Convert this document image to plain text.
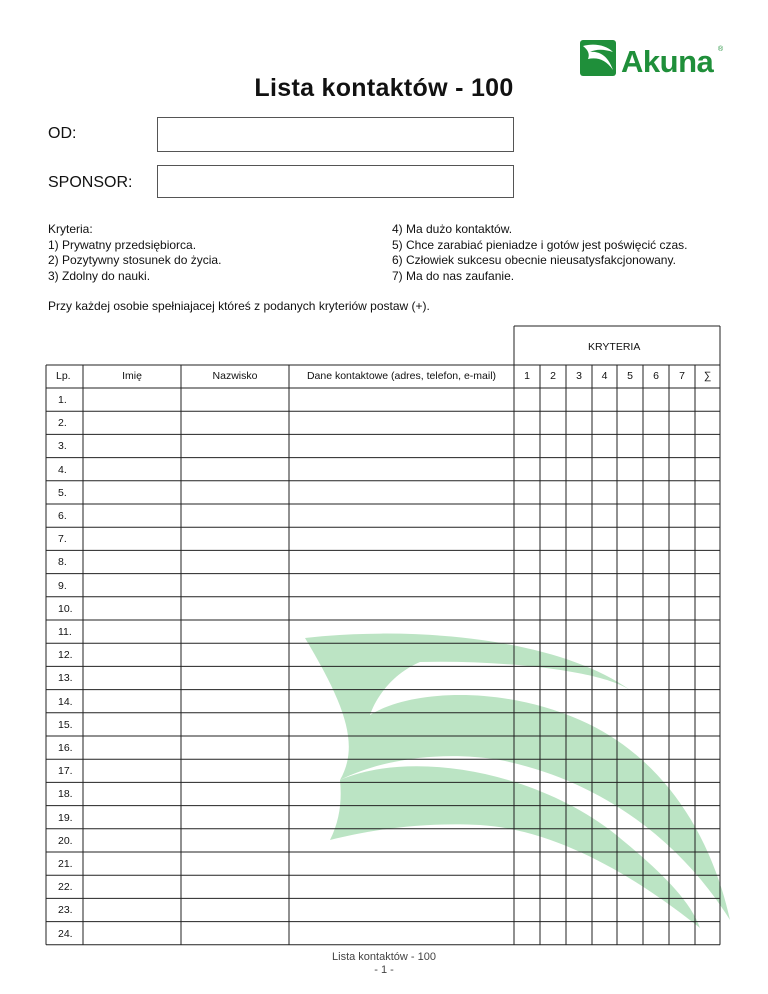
Akuna ®
Lista kontaktów - 100
OD:
SPONSOR:
Kryteria:
1) Prywatny przedsiębiorca.
2) Pozytywny stosunek do życia.
3) Zdolny do nauki.
4) Ma dużo kontaktów.
5) Chce zarabiać pieniadze i gotów jest poświęcić czas.
6) Człowiek sukcesu obecnie nieusatysfakcjonowany.
7) Ma do nas zaufanie.
Przy każdej osobie spełniajacej któreś z podanych kryteriów postaw (+).
Lp.	Imię	Nazwisko	Dane kontaktowe (adres, telefon, e-mail)	1	2	3	4	5	6	7	∑
KRYTERIA
1.
2.
3.
4.
5.
6.
7.
8.
9.
10.
11.
12.
13.
14.
15.
16.
17.
18.
19.
20.
21.
22.
23.
24.
Lista kontaktów - 100
- 1 -
